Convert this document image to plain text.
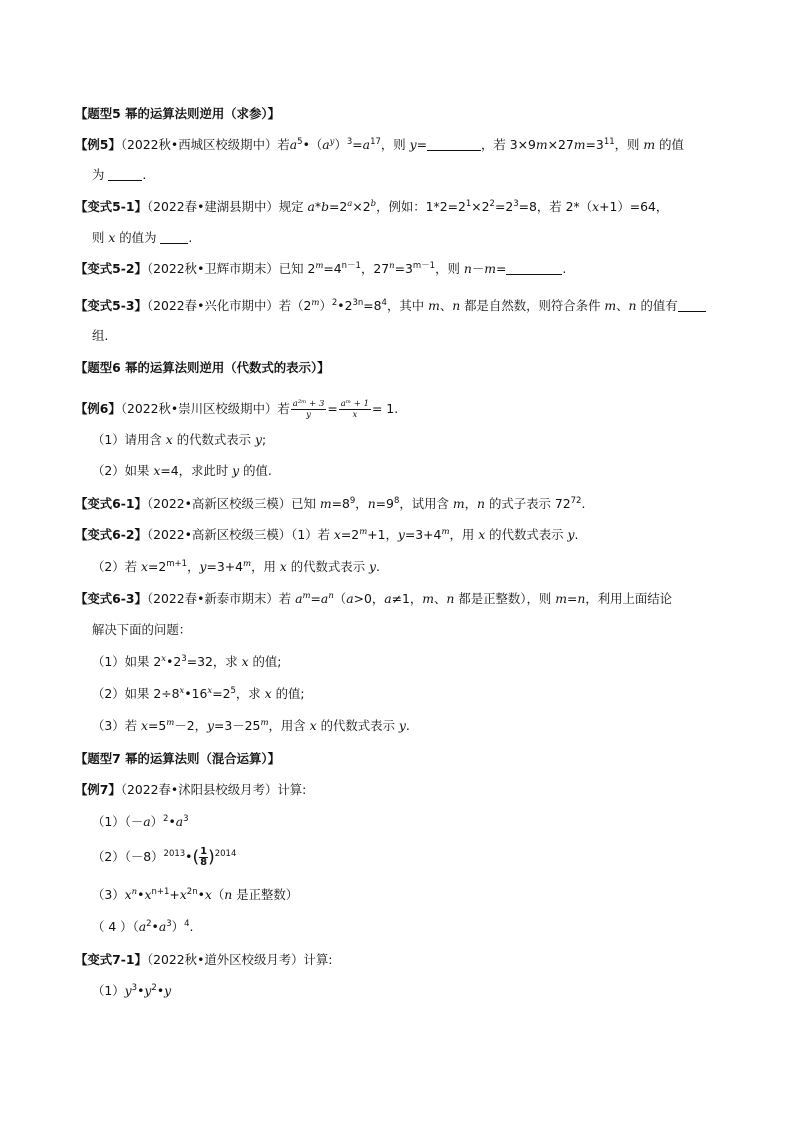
【题型5 幂的运算法则逆用（求参）】
【例5】（2022秋•西城区校级期中）若$a^5•(a^y)^3=a^{17}$，则 y=	，若 $3\times 9m\times 27m=3^{11}$，则 m 的值
为	.
【变式5-1】（2022春•建湖县期中）规定 $a*b=2^a\times 2^b$，例如：$1*2=2^1\times 2^2=2^3=8$，若 2*（x+1）=64，
则 x 的值为 .
【变式5-2】（2022秋•卫辉市期末）已知 $2^m=4^{n-1}$，$27^n=3^{m-1}$，则 n－m=	.
【变式5-3】（2022春•兴化市期中）若$(2^m)^2•2^{3n}=8^4$，其中 m、n 都是自然数，则符合条件 m、n 的值有
组.
【题型6 幂的运算法则逆用（代数式的表示）】
【例6】（2022秋•崇川区校级期中）若 $\frac{\text{a²ᵐ + 3}}{y} = \frac{\text{aᵐ + 1}}{x} = 1$.
（1）请用含 x 的代数式表示 y;
（2）如果 x=4，求此时 y 的值.
【变式6-1】（2022•高新区校级三模）已知 $m=8^9$，$n=9^8$，试用含 m，n 的式子表示 $72^{72}$.
【变式6-2】（2022•高新区校级三模）（1）若 $x=2^m+1$，$y=3+4^m$，用 x 的代数式表示 y.
（2）若 $x=2^{m+1}$，$y=3+4^m$，用 x 的代数式表示 y.
【变式6-3】（2022春•新泰市期末）若 $a^m=a^n(a>0$，a≠1，m、n 都是正整数），则 m=n，利用上面结论
解决下面的问题：
（1）如果 $2^x•2^3=32$，求 x 的值;
（2）如果 $2\div 8^x•16^x=2^5$，求 x 的值;
（3）若 $x=5^m-2$，$y=3-25^m$，用含 x 的代数式表示 y.
【题型7 幂的运算法则（混合运算）】
【例7】（2022春•沭阳县校级月考）计算:
$(1)(-a)^2•a^3$
$(2)(-8)^{2013}•( \frac{1}{8} )^{2014}$
$(3)x^n•x^{n+1}+x^{2n}•x(n$ 是正整数）
（ 4 ）$(a^2•a^3)^4$.
【变式7-1】（2022秋•道外区校级月考）计算:
$(1)y^3•y^2•y$
